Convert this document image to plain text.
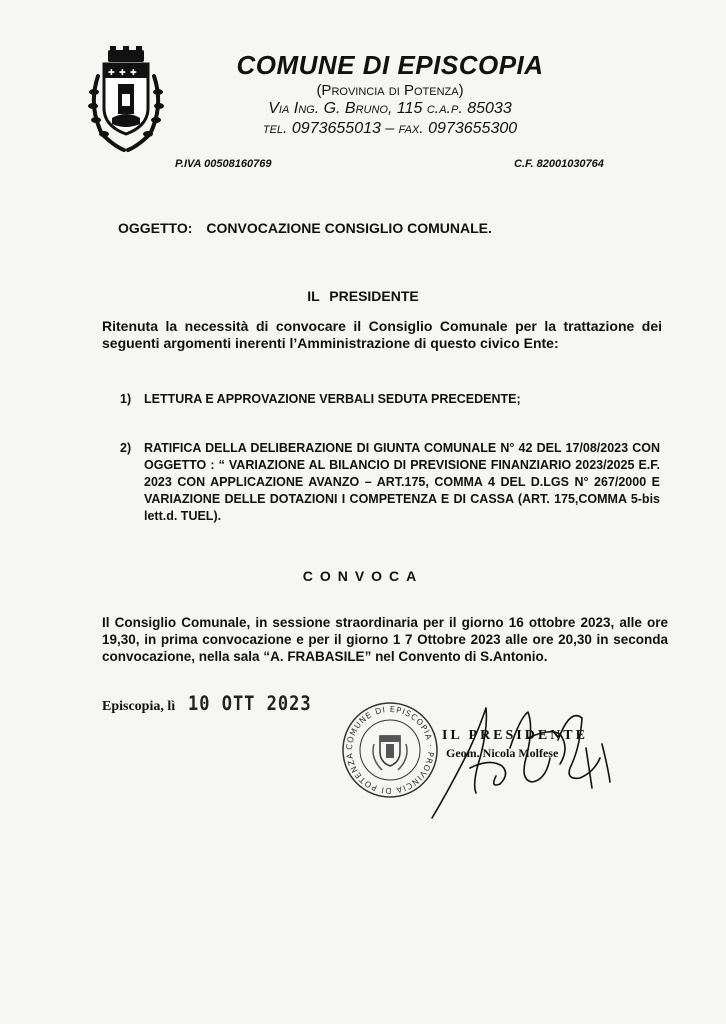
✚ ✚ ✚	COMUNE DI EPISCOPIA
(Provincia di Potenza)
Via Ing. G. Bruno, 115 c.a.p. 85033
tel. 0973655013 – fax. 0973655300
P.IVA 00508160769	C.F. 82001030764
OGGETTO: CONVOCAZIONE CONSIGLIO COMUNALE.
IL PRESIDENTE
Ritenuta la necessità di convocare il Consiglio Comunale per la trattazione dei seguenti argomenti inerenti l’Amministrazione di questo civico Ente:
1) LETTURA E APPROVAZIONE VERBALI SEDUTA PRECEDENTE;
2) RATIFICA DELLA DELIBERAZIONE DI GIUNTA COMUNALE N° 42 DEL 17/08/2023 CON OGGETTO : “ VARIAZIONE AL BILANCIO DI PREVISIONE FINANZIARIO 2023/2025 E.F. 2023 CON APPLICAZIONE AVANZO – ART.175, COMMA 4 DEL D.LGS N° 267/2000 E VARIAZIONE DELLE DOTAZIONI I COMPETENZA E DI CASSA (ART. 175,COMMA 5-bis lett.d. TUEL).
CONVOCA
Il Consiglio Comunale, in sessione straordinaria per il giorno 16 ottobre 2023, alle ore 19,30, in prima convocazione e per il giorno 1 7 Ottobre 2023 alle ore 20,30 in seconda convocazione, nella sala “A. FRABASILE” nel Convento di S.Antonio.
Episcopia, lì 10 OTT 2023
COMUNE DI EPISCOPIA · PROVINCIA DI POTENZA
IL PRESIDENTE
Geom. Nicola Molfese
